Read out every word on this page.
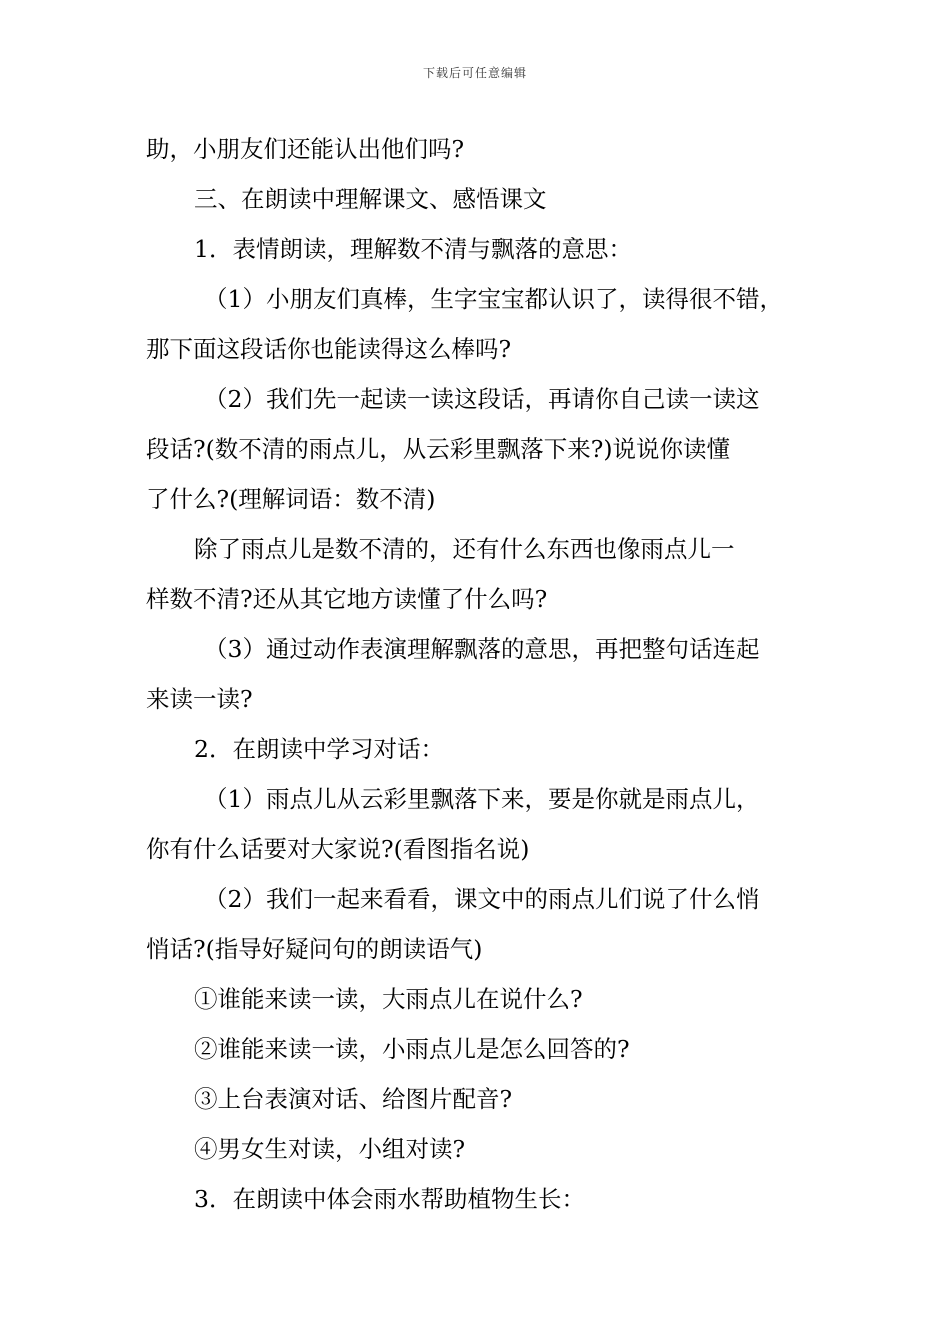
下载后可任意编辑
助，小朋友们还能认出他们吗?
三、在朗读中理解课文、感悟课文
1．表情朗读，理解数不清与飘落的意思：
（1）小朋友们真棒，生字宝宝都认识了，读得很不错，
那下面这段话你也能读得这么棒吗?
（2）我们先一起读一读这段话，再请你自己读一读这
段话?(数不清的雨点儿，从云彩里飘落下来?)说说你读懂
了什么?(理解词语：数不清)
除了雨点儿是数不清的，还有什么东西也像雨点儿一
样数不清?还从其它地方读懂了什么吗?
（3）通过动作表演理解飘落的意思，再把整句话连起
来读一读?
2．在朗读中学习对话：
（1）雨点儿从云彩里飘落下来，要是你就是雨点儿，
你有什么话要对大家说?(看图指名说)
（2）我们一起来看看，课文中的雨点儿们说了什么悄
悄话?(指导好疑问句的朗读语气)
①谁能来读一读，大雨点儿在说什么?
②谁能来读一读，小雨点儿是怎么回答的?
③上台表演对话、给图片配音?
④男女生对读，小组对读?
3．在朗读中体会雨水帮助植物生长：
